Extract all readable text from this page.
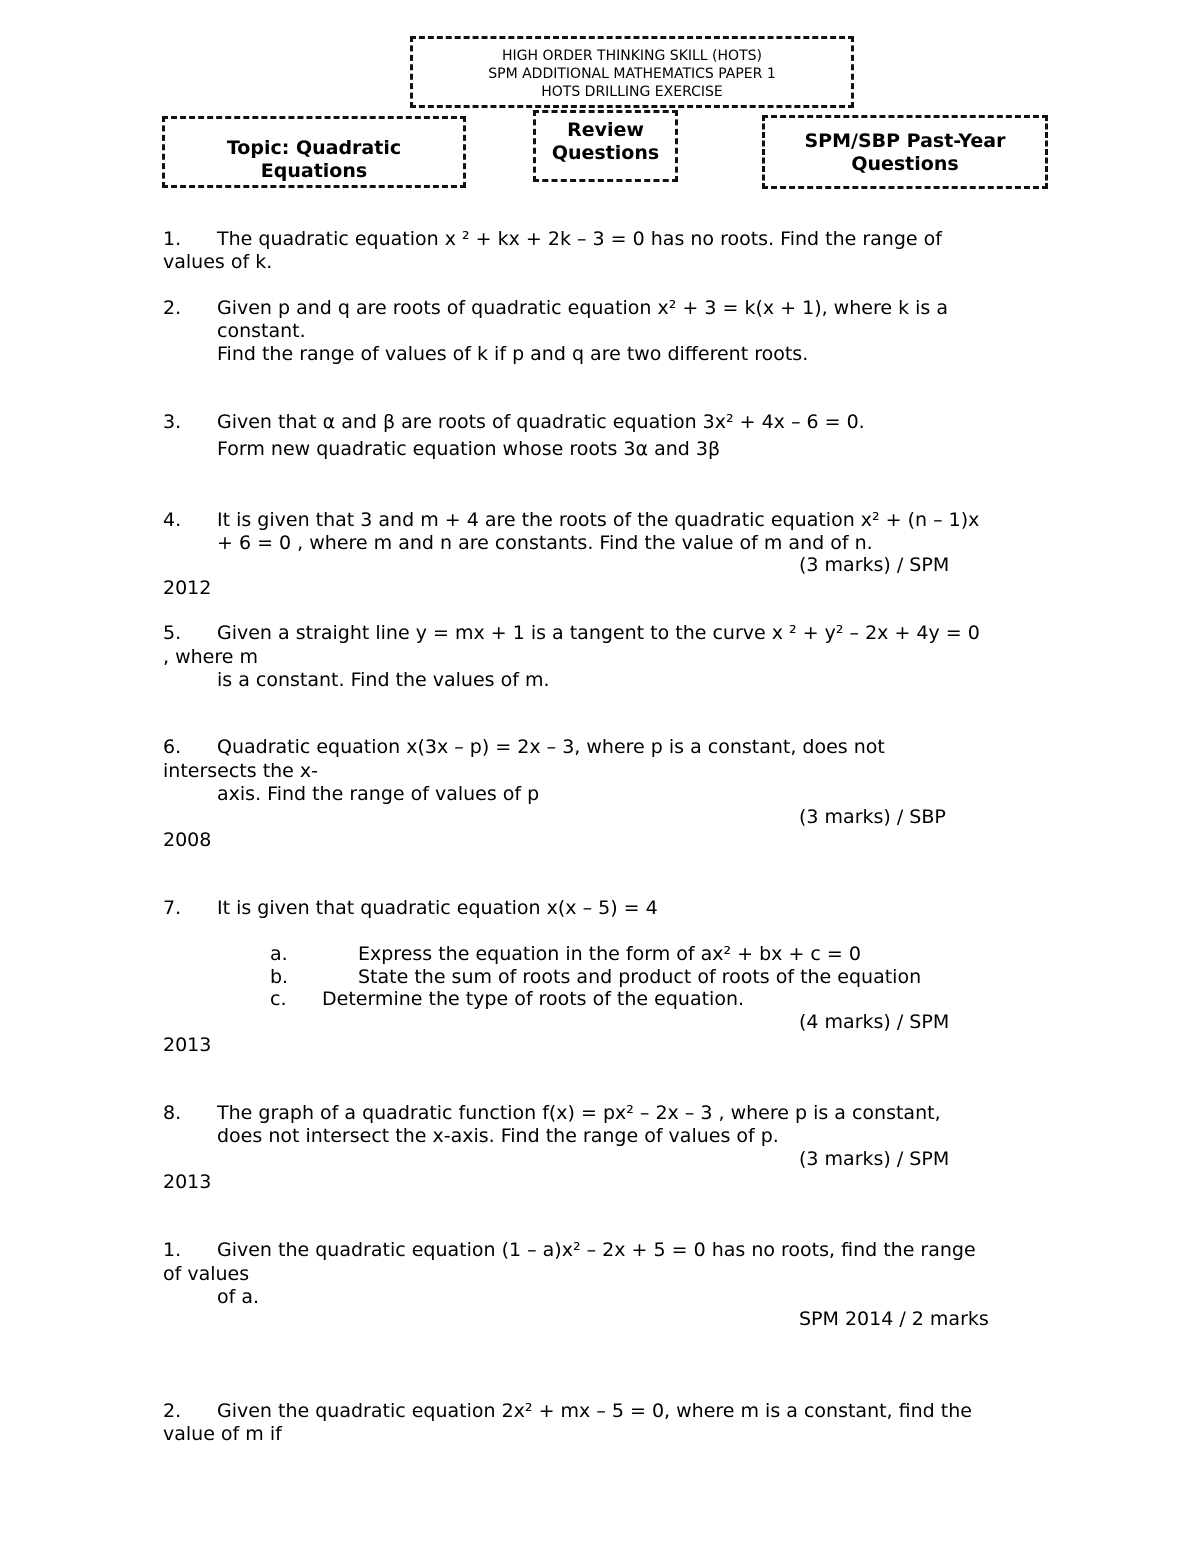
HIGH ORDER THINKING SKILL (HOTS)
SPM ADDITIONAL MATHEMATICS PAPER 1
HOTS DRILLING EXERCISE
Topic: Quadratic
Equations
Review
Questions
SPM/SBP Past-Year
Questions
1. The quadratic equation x ² + kx + 2k – 3 = 0 has no roots. Find the range of
values of k.
2. Given p and q are roots of quadratic equation x² + 3 = k(x + 1), where k is a
constant.
Find the range of values of k if p and q are two different roots.
3. Given that α and β are roots of quadratic equation 3x² + 4x – 6 = 0.
Form new quadratic equation whose roots 3α and 3β
4. It is given that 3 and m + 4 are the roots of the quadratic equation x² + (n – 1)x
+ 6 = 0 , where m and n are constants. Find the value of m and of n.
(3 marks) / SPM
2012
5. Given a straight line y = mx + 1 is a tangent to the curve x ² + y² – 2x + 4y = 0
, where m
is a constant. Find the values of m.
6. Quadratic equation x(3x – p) = 2x – 3, where p is a constant, does not
intersects the x-
axis. Find the range of values of p
(3 marks) / SBP
2008
7. It is given that quadratic equation x(x – 5) = 4
a.	Express the equation in the form of ax² + bx + c = 0
b.	State the sum of roots and product of roots of the equation
c. Determine the type of roots of the equation.
(4 marks) / SPM
2013
8. The graph of a quadratic function f(x) = px² – 2x – 3 , where p is a constant,
does not intersect the x-axis. Find the range of values of p.
(3 marks) / SPM
2013
1. Given the quadratic equation (1 – a)x² – 2x + 5 = 0 has no roots, find the range
of values
of a.
SPM 2014 / 2 marks
2. Given the quadratic equation 2x² + mx – 5 = 0, where m is a constant, find the
value of m if
